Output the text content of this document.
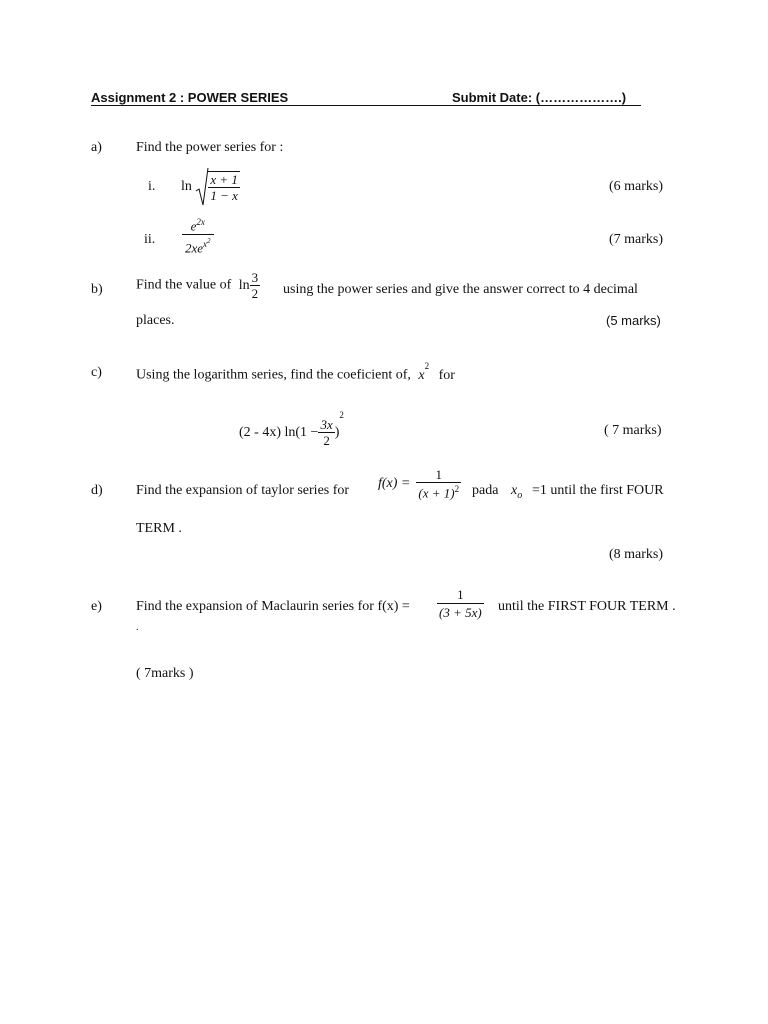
Assignment 2 : POWER SERIES	Submit Date: (……………….)
a) Find the power series for :
i. $\ln \frac{x + 1}{1 - x}$	(6 marks)
ii. $\frac{e^{2x}}{2xe^{x^2}}$	(7 marks)
b) Find the value of $\ln \frac{3}{2}$ using the power series and give the answer correct to 4 decimal
places.	(5 marks)
c) Using the logarithm series, find the coeficient of, $x^2$ for
(2 - 4x) $\ln(1 - \frac{3x}{2} )^2$
( 7 marks)
d) Find the expansion of taylor series for $f(x) = \frac{1}{(x + 1)^2}$ pada $x_o =1$ until the first FOUR
TERM .
(8 marks)
e) Find the expansion of Maclaurin series for $f(x) = \frac{1}{(3 + 5x)}$ until the FIRST FOUR TERM .
.
( 7marks )
